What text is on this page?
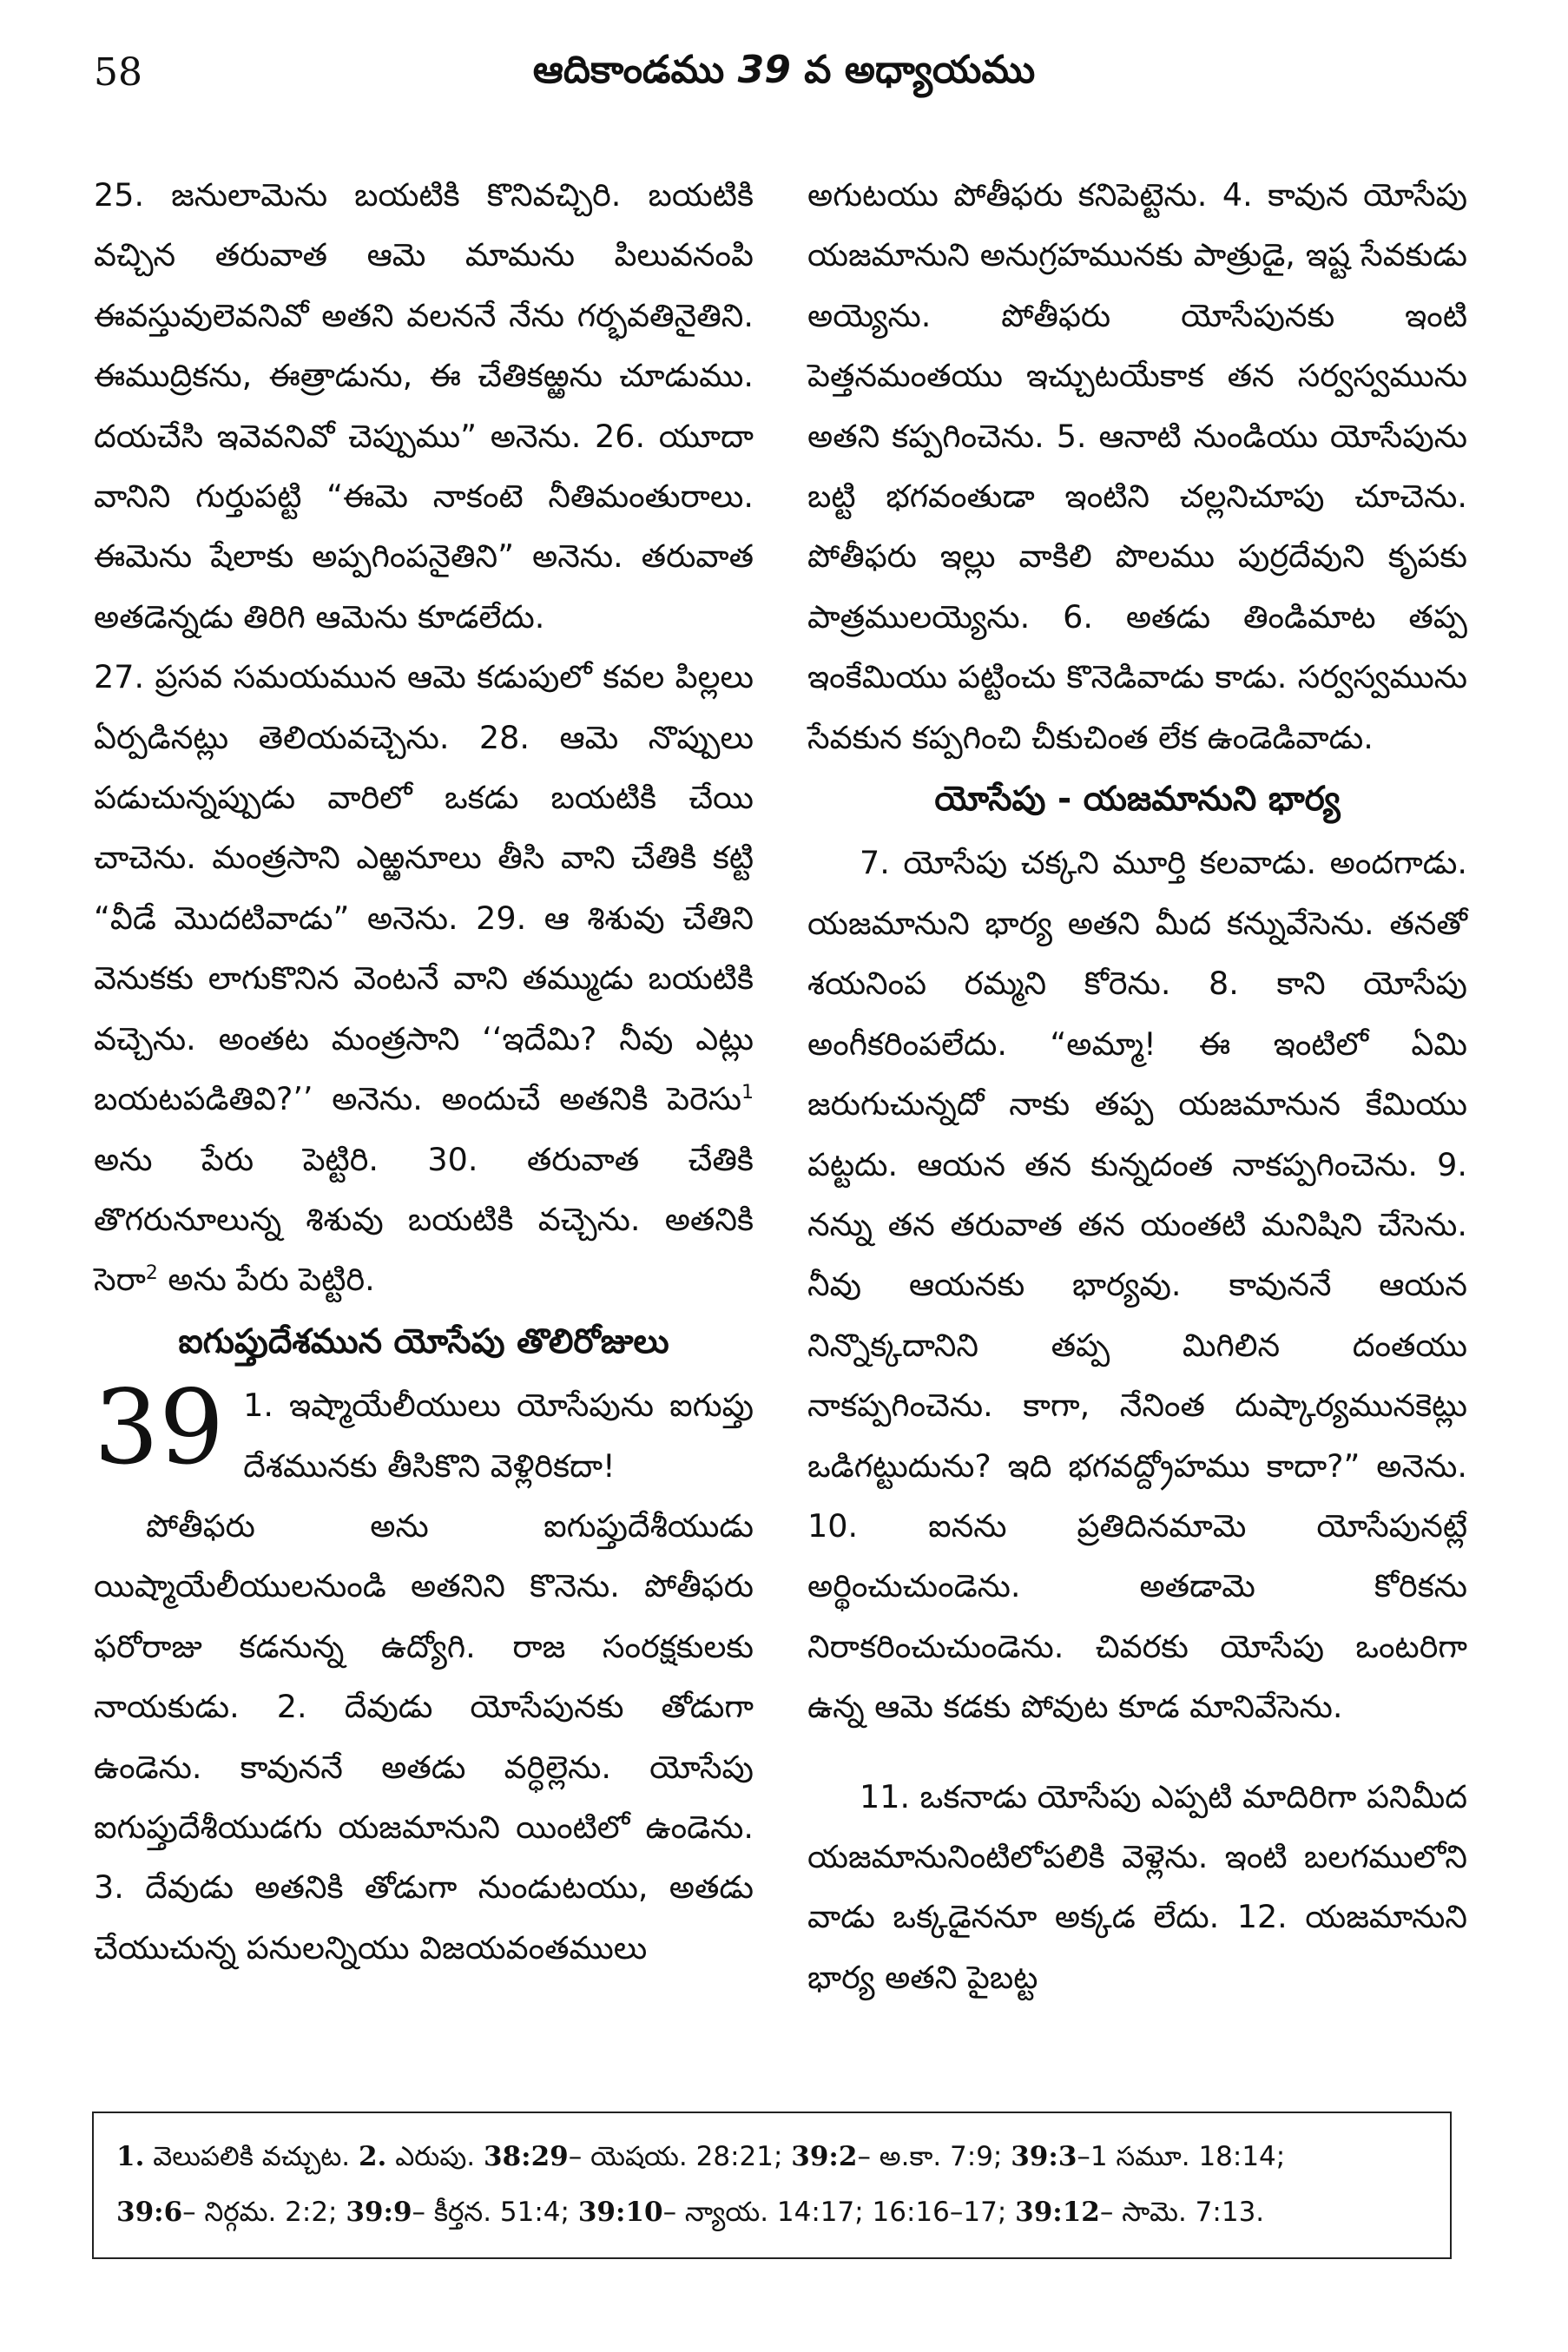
58	ఆదికాండము 39 వ అధ్యాయము

25. జనులామెను బయటికి కొనివచ్చిరి. బయటికి వచ్చిన తరువాత ఆమె మామను పిలువనంపి ఈవస్తువులెవనివో అతని వలననే నేను గర్భవతినైతిని. ఈముద్రికను, ఈత్రాడును, ఈ చేతికఱ్ఱను చూడుము. దయచేసి ఇవెవనివో చెప్పుము” అనెను. 26. యూదా వానిని గుర్తుపట్టి “ఈమె నాకంటె నీతిమంతురాలు. ఈమెను షేలాకు అప్పగింపనైతిని” అనెను. తరువాత అతడెన్నడు తిరిగి ఆమెను కూడలేదు.

27. ప్రసవ సమయమున ఆమె కడుపులో కవల పిల్లలు ఏర్పడినట్లు తెలియవచ్చెను. 28. ఆమె నొప్పులు పడుచున్నప్పుడు వారిలో ఒకడు బయటికి చేయి చాచెను. మంత్రసాని ఎఱ్ఱనూలు తీసి వాని చేతికి కట్టి “వీడే మొదటివాడు” అనెను. 29. ఆ శిశువు చేతిని వెనుకకు లాగుకొనిన వెంటనే వాని తమ్ముడు బయటికి వచ్చెను. అంతట మంత్రసాని ‘‘ఇదేమి? నీవు ఎట్లు బయటపడితివి?’’ అనెను. అందుచే అతనికి పెరెసు$^1$ అను పేరు పెట్టిరి. 30. తరువాత చేతికి తొగరునూలున్న శిశువు బయటికి వచ్చెను. అతనికి సెరా$^2$ అను పేరు పెట్టిరి.

ఐగుప్తుదేశమున యోసేపు తొలిరోజులు

39 1. ఇష్మాయేలీయులు యోసేపును ఐగుప్తు దేశమునకు తీసికొని వెళ్లిరికదా!

పోతీఫరు అను ఐగుప్తుదేశీయుడు యిష్మాయేలీయులనుండి అతనిని కొనెను. పోతీఫరు ఫరోరాజు కడనున్న ఉద్యోగి. రాజ సంరక్షకులకు నాయకుడు. 2. దేవుడు యోసేపునకు తోడుగా ఉండెను. కావుననే అతడు వర్ధిల్లెను. యోసేపు ఐగుప్తుదేశీయుడగు యజమానుని యింటిలో ఉండెను. 3. దేవుడు అతనికి తోడుగా నుండుటయు, అతడు చేయుచున్న పనులన్నియు విజయవంతములు

అగుటయు పోతీఫరు కనిపెట్టెను. 4. కావున యోసేపు యజమానుని అనుగ్రహమునకు పాత్రుడై, ఇష్ట సేవకుడు అయ్యెను. పోతీఫరు యోసేపునకు ఇంటి పెత్తనమంతయు ఇచ్చుటయేకాక తన సర్వస్వమును అతని కప్పగించెను. 5. ఆనాటి నుండియు యోసేపును బట్టి భగవంతుడా ఇంటిని చల్లనిచూపు చూచెను. పోతీఫరు ఇల్లు వాకిలి పొలము పుర్రదేవుని కృపకు పాత్రములయ్యెను. 6. అతడు తిండిమాట తప్ప ఇంకేమియు పట్టించు కొనెడివాడు కాడు. సర్వస్వమును సేవకున కప్పగించి చీకుచింత లేక ఉండెడివాడు.

యోసేపు - యజమానుని భార్య

7. యోసేపు చక్కని మూర్తి కలవాడు. అందగాడు. యజమానుని భార్య అతని మీద కన్నువేసెను. తనతో శయనింప రమ్మని కోరెను. 8. కాని యోసేపు అంగీకరింపలేదు. “అమ్మా! ఈ ఇంటిలో ఏమి జరుగుచున్నదో నాకు తప్ప యజమానున కేమియు పట్టదు. ఆయన తన కున్నదంత నాకప్పగించెను. 9. నన్ను తన తరువాత తన యంతటి మనిషిని చేసెను. నీవు ఆయనకు భార్యవు. కావుననే ఆయన నిన్నొక్కదానిని తప్ప మిగిలిన దంతయు నాకప్పగించెను. కాగా, నేనింత దుష్కార్యమునకెట్లు ఒడిగట్టుదును? ఇది భగవద్ద్రోహము కాదా?” అనెను. 10. ఐనను ప్రతిదినమామె యోసేపునట్లే అర్థించుచుండెను. అతడామె కోరికను నిరాకరించుచుండెను. చివరకు యోసేపు ఒంటరిగా ఉన్న ఆమె కడకు పోవుట కూడ మానివేసెను.

11. ఒకనాడు యోసేపు ఎప్పటి మాదిరిగా పనిమీద యజమానునింటిలోపలికి వెళ్లెను. ఇంటి బలగములోని వాడు ఒక్కడైననూ అక్కడ లేదు. 12. యజమానుని భార్య అతని పైబట్ట

1. వెలుపలికి వచ్చుట. 2. ఎరుపు. 38:29– యెషయ. 28:21; 39:2– అ.కా. 7:9; 39:3–1 సమూ. 18:14;

39:6– నిర్గమ. 2:2; 39:9– కీర్తన. 51:4; 39:10– న్యాయ. 14:17; 16:16–17; 39:12– సామె. 7:13.
